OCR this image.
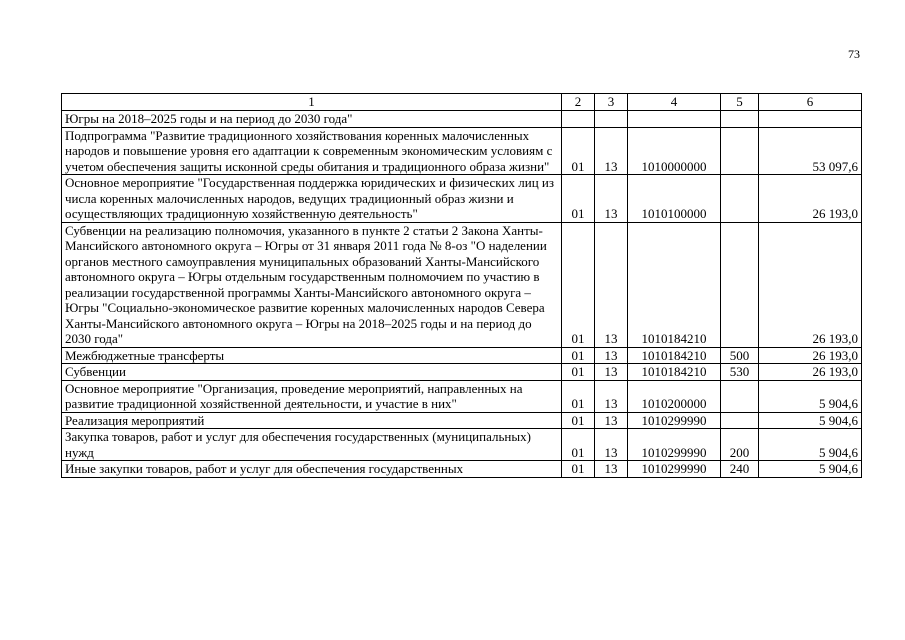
73
1	2	3	4	5	6
Югры на 2018–2025 годы и на период до 2030 года"					
Подпрограмма "Развитие традиционного хозяйствования коренных малочисленных народов и повышение уровня его адаптации к современным экономическим условиям с учетом обеспечения защиты исконной среды обитания и традиционного образа жизни"	01	13	1010000000		53 097,6
Основное мероприятие "Государственная поддержка юридических и физических лиц из числа коренных малочисленных народов, ведущих традиционный образ жизни и осуществляющих традиционную хозяйственную деятельность"	01	13	1010100000		26 193,0
Субвенции на реализацию полномочия, указанного в пункте 2 статьи 2 Закона Ханты-Мансийского автономного округа – Югры от 31 января 2011 года № 8-оз "О наделении органов местного самоуправления муниципальных образований Ханты-Мансийского автономного округа – Югры отдельным государственным полномочием по участию в реализации государственной программы Ханты-Мансийского автономного округа – Югры "Социально-экономическое развитие коренных малочисленных народов Севера Ханты-Мансийского автономного округа – Югры на 2018–2025 годы и на период до 2030 года"	01	13	1010184210		26 193,0
Межбюджетные трансферты	01	13	1010184210	500	26 193,0
Субвенции	01	13	1010184210	530	26 193,0
Основное мероприятие "Организация, проведение мероприятий, направленных на развитие традиционной хозяйственной деятельности, и участие в них"	01	13	1010200000		5 904,6
Реализация мероприятий	01	13	1010299990		5 904,6
Закупка товаров, работ и услуг для обеспечения государственных (муниципальных) нужд	01	13	1010299990	200	5 904,6
Иные закупки товаров, работ и услуг для обеспечения государственных	01	13	1010299990	240	5 904,6
